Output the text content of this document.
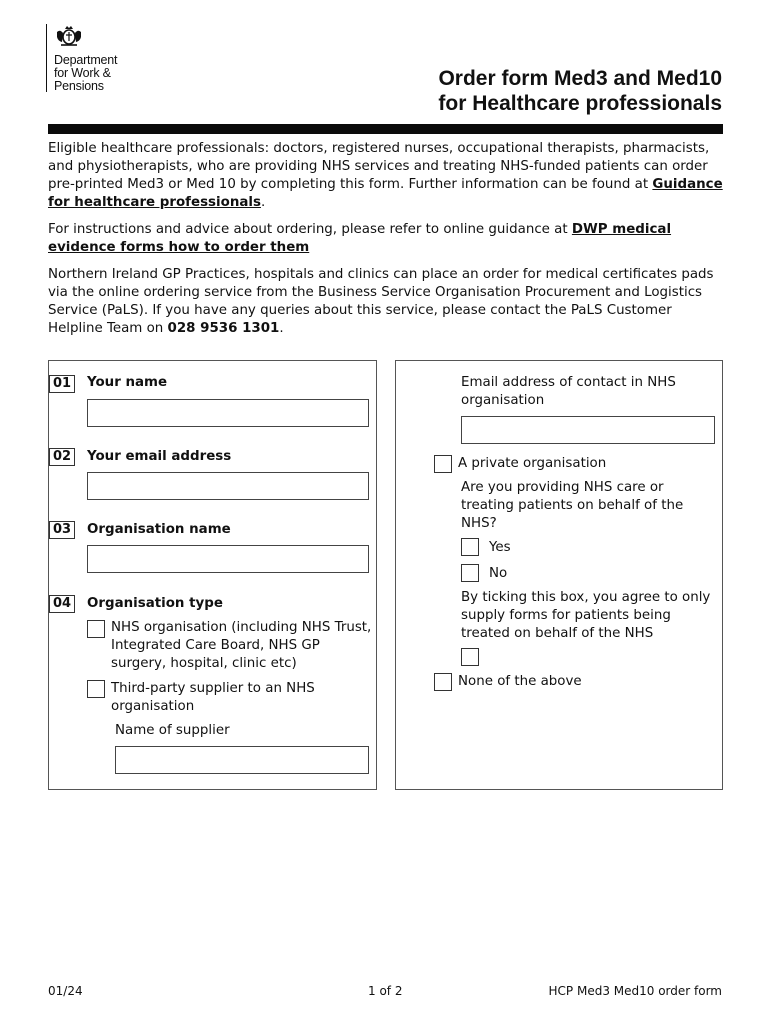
Department
for Work &
Pensions	Order form Med3 and Med10
for Healthcare professionals

Eligible healthcare professionals: doctors, registered nurses, occupational therapists, pharmacists, and physiotherapists, who are providing NHS services and treating NHS-funded patients can order pre-printed Med3 or Med 10 by completing this form. Further information can be found at Guidance for healthcare professionals.

For instructions and advice about ordering, please refer to online guidance at DWP medical evidence forms how to order them

Northern Ireland GP Practices, hospitals and clinics can place an order for medical certificates pads via the online ordering service from the Business Service Organisation Procurement and Logistics Service (PaLS). If you have any queries about this service, please contact the PaLS Customer Helpline Team on 028 9536 1301.

01 Your name
02 Your email address
03 Organisation name
04 Organisation type
NHS organisation (including NHS Trust, Integrated Care Board, NHS GP surgery, hospital, clinic etc)
Third-party supplier to an NHS organisation
Name of supplier
Email address of contact in NHS organisation
A private organisation
Are you providing NHS care or treating patients on behalf of the NHS?
Yes
No
By ticking this box, you agree to only supply forms for patients being treated on behalf of the NHS
None of the above
01/24	1 of 2	HCP Med3 Med10 order form
